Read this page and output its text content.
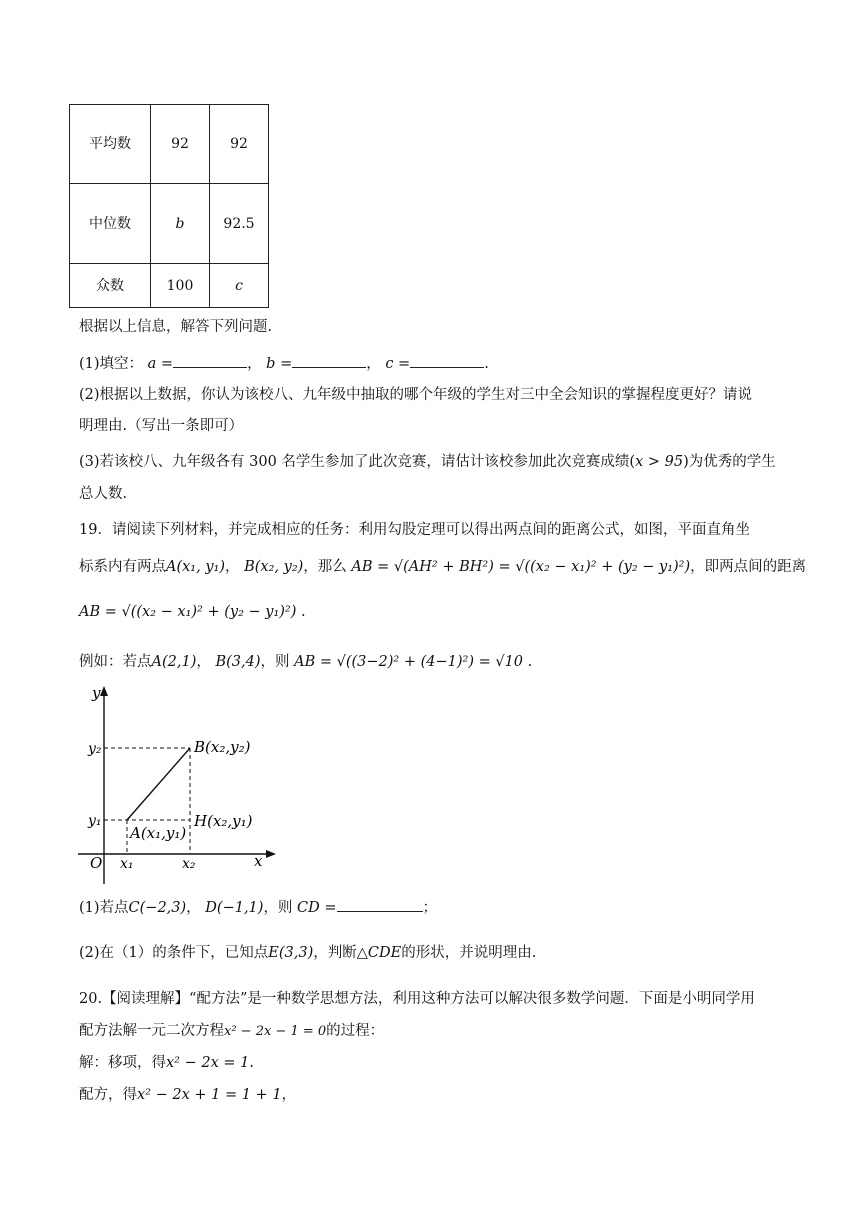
平均数	92	92
中位数	b	92.5
众数	100	c
根据以上信息，解答下列问题.
(1)填空： a =	， b =	， c =	.
(2)根据以上数据，你认为该校八、九年级中抽取的哪个年级的学生对三中全会知识的掌握程度更好？请说
明理由.（写出一条即可）
(3)若该校八、九年级各有 300 名学生参加了此次竞赛，请估计该校参加此次竞赛成绩(x > 95)为优秀的学生
总人数.
19．请阅读下列材料，并完成相应的任务：利用勾股定理可以得出两点间的距离公式，如图，平面直角坐
标系内有两点A(x₁, y₁)， B(x₂, y₂)，那么 AB = √(AH² + BH²) = √((x₂ − x₁)² + (y₂ − y₁)²)，即两点间的距离
AB = √((x₂ − x₁)² + (y₂ − y₁)²) .
例如：若点A(2,1)， B(3,4)，则 AB = √((3−2)² + (4−1)²) = √10 .
y
x
O
y₂
y₁
x₁	x₂
B(x₂,y₂)
A(x₁,y₁)
H(x₂,y₁)
(1)若点C(−2,3)， D(−1,1)，则 CD =	；
(2)在（1）的条件下，已知点E(3,3)，判断△CDE的形状，并说明理由.
20.【阅读理解】“配方法”是一种数学思想方法，利用这种方法可以解决很多数学问题．下面是小明同学用
配方法解一元二次方程x² − 2x − 1 = 0的过程：
解：移项，得x² − 2x = 1.
配方，得x² − 2x + 1 = 1 + 1，
